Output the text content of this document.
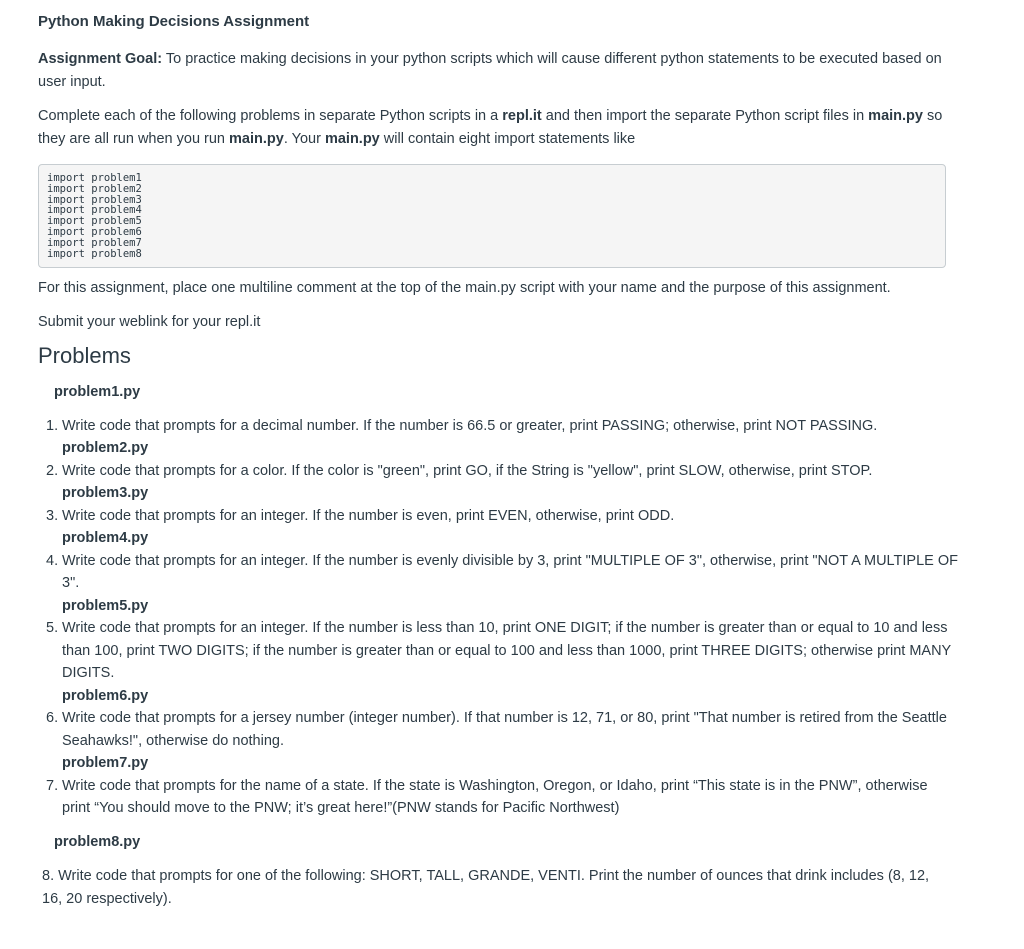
Python Making Decisions Assignment

Assignment Goal: To practice making decisions in your python scripts which will cause different python statements to be executed based on user input.

Complete each of the following problems in separate Python scripts in a repl.it and then import the separate Python script files in main.py so they are all run when you run main.py. Your main.py will contain eight import statements like

import problem1
import problem2
import problem3
import problem4
import problem5
import problem6
import problem7
import problem8

For this assignment, place one multiline comment at the top of the main.py script with your name and the purpose of this assignment.

Submit your weblink for your repl.it

Problems
problem1.py
1. Write code that prompts for a decimal number. If the number is 66.5 or greater, print PASSING; otherwise, print NOT PASSING.
problem2.py
2. Write code that prompts for a color. If the color is "green", print GO, if the String is "yellow", print SLOW, otherwise, print STOP.
problem3.py
3. Write code that prompts for an integer. If the number is even, print EVEN, otherwise, print ODD.
problem4.py
4. Write code that prompts for an integer. If the number is evenly divisible by 3, print "MULTIPLE OF 3", otherwise, print "NOT A MULTIPLE OF 3".
problem5.py
5. Write code that prompts for an integer. If the number is less than 10, print ONE DIGIT; if the number is greater than or equal to 10 and less than 100, print TWO DIGITS; if the number is greater than or equal to 100 and less than 1000, print THREE DIGITS; otherwise print MANY DIGITS.
problem6.py
6. Write code that prompts for a jersey number (integer number). If that number is 12, 71, or 80, print "That number is retired from the Seattle Seahawks!", otherwise do nothing.
problem7.py
7. Write code that prompts for the name of a state. If the state is Washington, Oregon, or Idaho, print “This state is in the PNW”, otherwise print “You should move to the PNW; it’s great here!”(PNW stands for Pacific Northwest)
problem8.py

8. Write code that prompts for one of the following: SHORT, TALL, GRANDE, VENTI. Print the number of ounces that drink includes (8, 12, 16, 20 respectively).
